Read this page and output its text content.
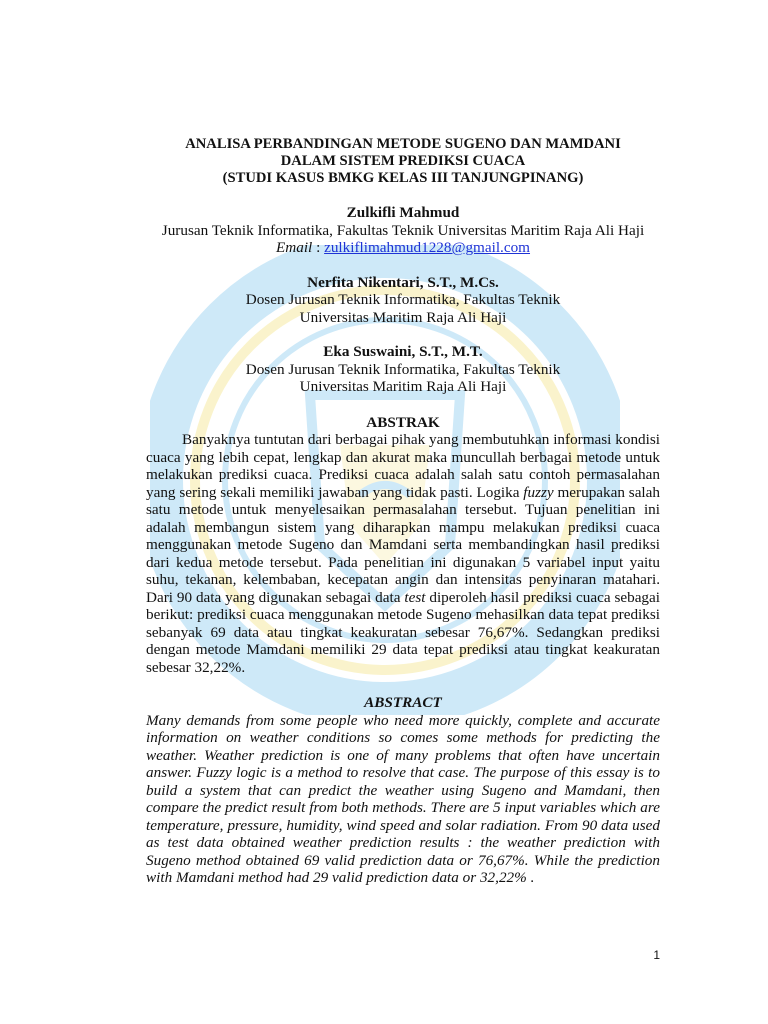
ANALISA PERBANDINGAN METODE SUGENO DAN MAMDANI
DALAM SISTEM PREDIKSI CUACA
(STUDI KASUS BMKG KELAS III TANJUNGPINANG)
Zulkifli Mahmud
Jurusan Teknik Informatika, Fakultas Teknik Universitas Maritim Raja Ali Haji
Email : zulkiflimahmud1228@gmail.com
Nerfita Nikentari, S.T., M.Cs.
Dosen Jurusan Teknik Informatika, Fakultas Teknik
Universitas Maritim Raja Ali Haji
Eka Suswaini, S.T., M.T.
Dosen Jurusan Teknik Informatika, Fakultas Teknik
Universitas Maritim Raja Ali Haji
ABSTRAK

Banyaknya tuntutan dari berbagai pihak yang membutuhkan informasi kondisi cuaca yang lebih cepat, lengkap dan akurat maka muncullah berbagai metode untuk melakukan prediksi cuaca. Prediksi cuaca adalah salah satu contoh permasalahan yang sering sekali memiliki jawaban yang tidak pasti. Logika fuzzy merupakan salah satu metode untuk menyelesaikan permasalahan tersebut. Tujuan penelitian ini adalah membangun sistem yang diharapkan mampu melakukan prediksi cuaca menggunakan metode Sugeno dan Mamdani serta membandingkan hasil prediksi dari kedua metode tersebut. Pada penelitian ini digunakan 5 variabel input yaitu suhu, tekanan, kelembaban, kecepatan angin dan intensitas penyinaran matahari. Dari 90 data yang digunakan sebagai data test diperoleh hasil prediksi cuaca sebagai berikut: prediksi cuaca menggunakan metode Sugeno mehasilkan data tepat prediksi sebanyak 69 data atau tingkat keakuratan sebesar 76,67%. Sedangkan prediksi dengan metode Mamdani memiliki 29 data tepat prediksi atau tingkat keakuratan sebesar 32,22%.

ABSTRACT

Many demands from some people who need more quickly, complete and accurate information on weather conditions so comes some methods for predicting the weather. Weather prediction is one of many problems that often have uncertain answer. Fuzzy logic is a method to resolve that case. The purpose of this essay is to build a system that can predict the weather using Sugeno and Mamdani, then compare the predict result from both methods. There are 5 input variables which are temperature, pressure, humidity, wind speed and solar radiation. From 90 data used as test data obtained weather prediction results : the weather prediction with Sugeno method obtained 69 valid prediction data or 76,67%. While the prediction with Mamdani method had 29 valid prediction data or 32,22% .

1
